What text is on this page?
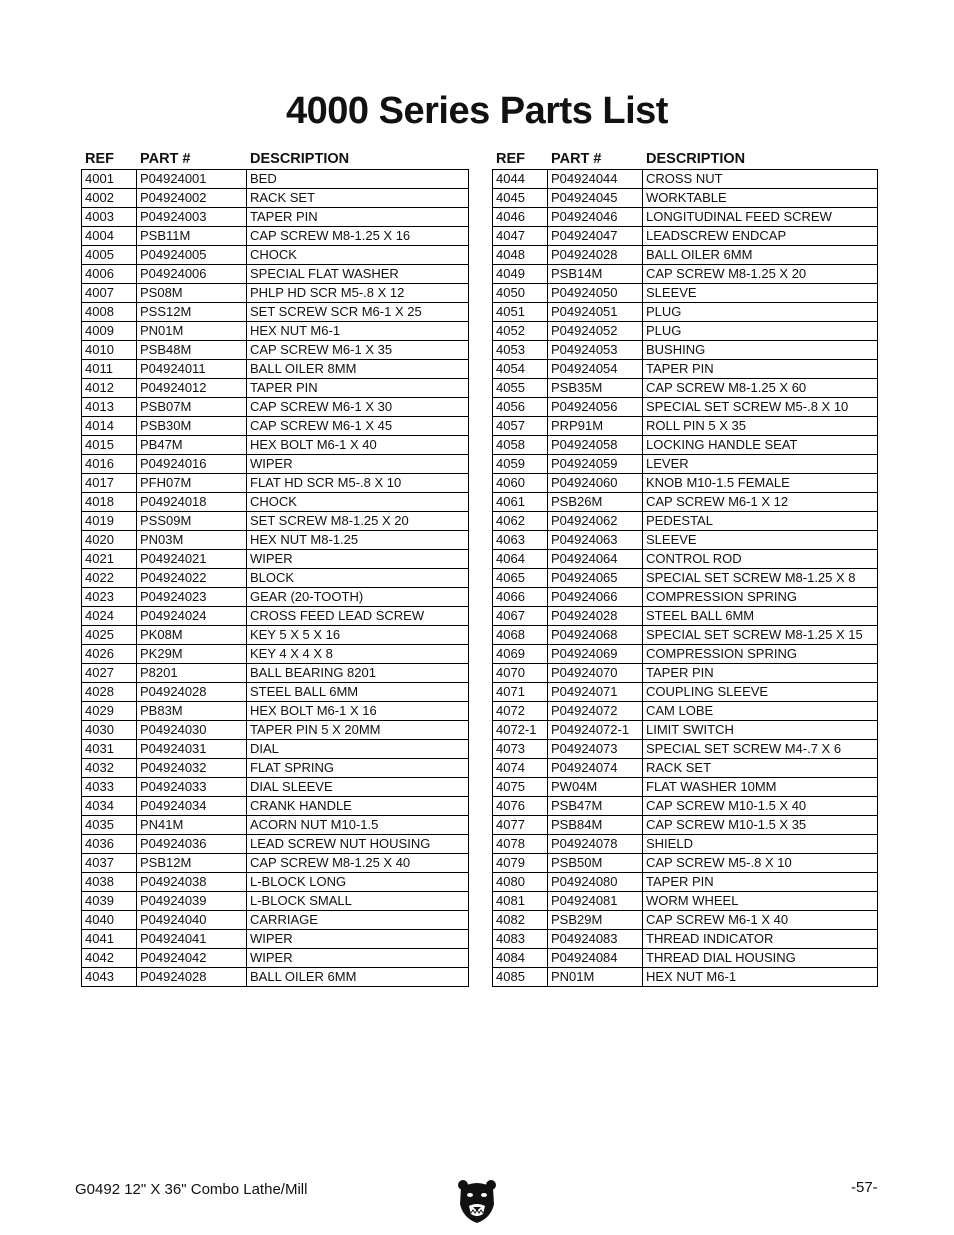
4000 Series Parts List
REF	PART #	DESCRIPTION
4001	P04924001	BED
4002	P04924002	RACK SET
4003	P04924003	TAPER PIN
4004	PSB11M	CAP SCREW M8-1.25 X 16
4005	P04924005	CHOCK
4006	P04924006	SPECIAL FLAT WASHER
4007	PS08M	PHLP HD SCR M5-.8 X 12
4008	PSS12M	SET SCREW SCR M6-1 X 25
4009	PN01M	HEX NUT M6-1
4010	PSB48M	CAP SCREW M6-1 X 35
4011	P04924011	BALL OILER 8MM
4012	P04924012	TAPER PIN
4013	PSB07M	CAP SCREW M6-1 X 30
4014	PSB30M	CAP SCREW M6-1 X 45
4015	PB47M	HEX BOLT M6-1 X 40
4016	P04924016	WIPER
4017	PFH07M	FLAT HD SCR M5-.8 X 10
4018	P04924018	CHOCK
4019	PSS09M	SET SCREW M8-1.25 X 20
4020	PN03M	HEX NUT M8-1.25
4021	P04924021	WIPER
4022	P04924022	BLOCK
4023	P04924023	GEAR (20-TOOTH)
4024	P04924024	CROSS FEED LEAD SCREW
4025	PK08M	KEY 5 X 5 X 16
4026	PK29M	KEY 4 X 4 X 8
4027	P8201	BALL BEARING 8201
4028	P04924028	STEEL BALL 6MM
4029	PB83M	HEX BOLT M6-1 X 16
4030	P04924030	TAPER PIN 5 X 20MM
4031	P04924031	DIAL
4032	P04924032	FLAT SPRING
4033	P04924033	DIAL SLEEVE
4034	P04924034	CRANK HANDLE
4035	PN41M	ACORN NUT M10-1.5
4036	P04924036	LEAD SCREW NUT HOUSING
4037	PSB12M	CAP SCREW M8-1.25 X 40
4038	P04924038	L-BLOCK LONG
4039	P04924039	L-BLOCK SMALL
4040	P04924040	CARRIAGE
4041	P04924041	WIPER
4042	P04924042	WIPER
4043	P04924028	BALL OILER 6MM
REF	PART #	DESCRIPTION
4044	P04924044	CROSS NUT
4045	P04924045	WORKTABLE
4046	P04924046	LONGITUDINAL FEED SCREW
4047	P04924047	LEADSCREW ENDCAP
4048	P04924028	BALL OILER 6MM
4049	PSB14M	CAP SCREW M8-1.25 X 20
4050	P04924050	SLEEVE
4051	P04924051	PLUG
4052	P04924052	PLUG
4053	P04924053	BUSHING
4054	P04924054	TAPER PIN
4055	PSB35M	CAP SCREW M8-1.25 X 60
4056	P04924056	SPECIAL SET SCREW M5-.8 X 10
4057	PRP91M	ROLL PIN 5 X 35
4058	P04924058	LOCKING HANDLE SEAT
4059	P04924059	LEVER
4060	P04924060	KNOB M10-1.5 FEMALE
4061	PSB26M	CAP SCREW M6-1 X 12
4062	P04924062	PEDESTAL
4063	P04924063	SLEEVE
4064	P04924064	CONTROL ROD
4065	P04924065	SPECIAL SET SCREW M8-1.25 X 8
4066	P04924066	COMPRESSION SPRING
4067	P04924028	STEEL BALL 6MM
4068	P04924068	SPECIAL SET SCREW M8-1.25 X 15
4069	P04924069	COMPRESSION SPRING
4070	P04924070	TAPER PIN
4071	P04924071	COUPLING SLEEVE
4072	P04924072	CAM LOBE
4072-1	P04924072-1	LIMIT SWITCH
4073	P04924073	SPECIAL SET SCREW M4-.7 X 6
4074	P04924074	RACK SET
4075	PW04M	FLAT WASHER 10MM
4076	PSB47M	CAP SCREW M10-1.5 X 40
4077	PSB84M	CAP SCREW M10-1.5 X 35
4078	P04924078	SHIELD
4079	PSB50M	CAP SCREW M5-.8 X 10
4080	P04924080	TAPER PIN
4081	P04924081	WORM WHEEL
4082	PSB29M	CAP SCREW M6-1 X 40
4083	P04924083	THREAD INDICATOR
4084	P04924084	THREAD DIAL HOUSING
4085	PN01M	HEX NUT M6-1
G0492 12" X 36" Combo Lathe/Mill	-57-
